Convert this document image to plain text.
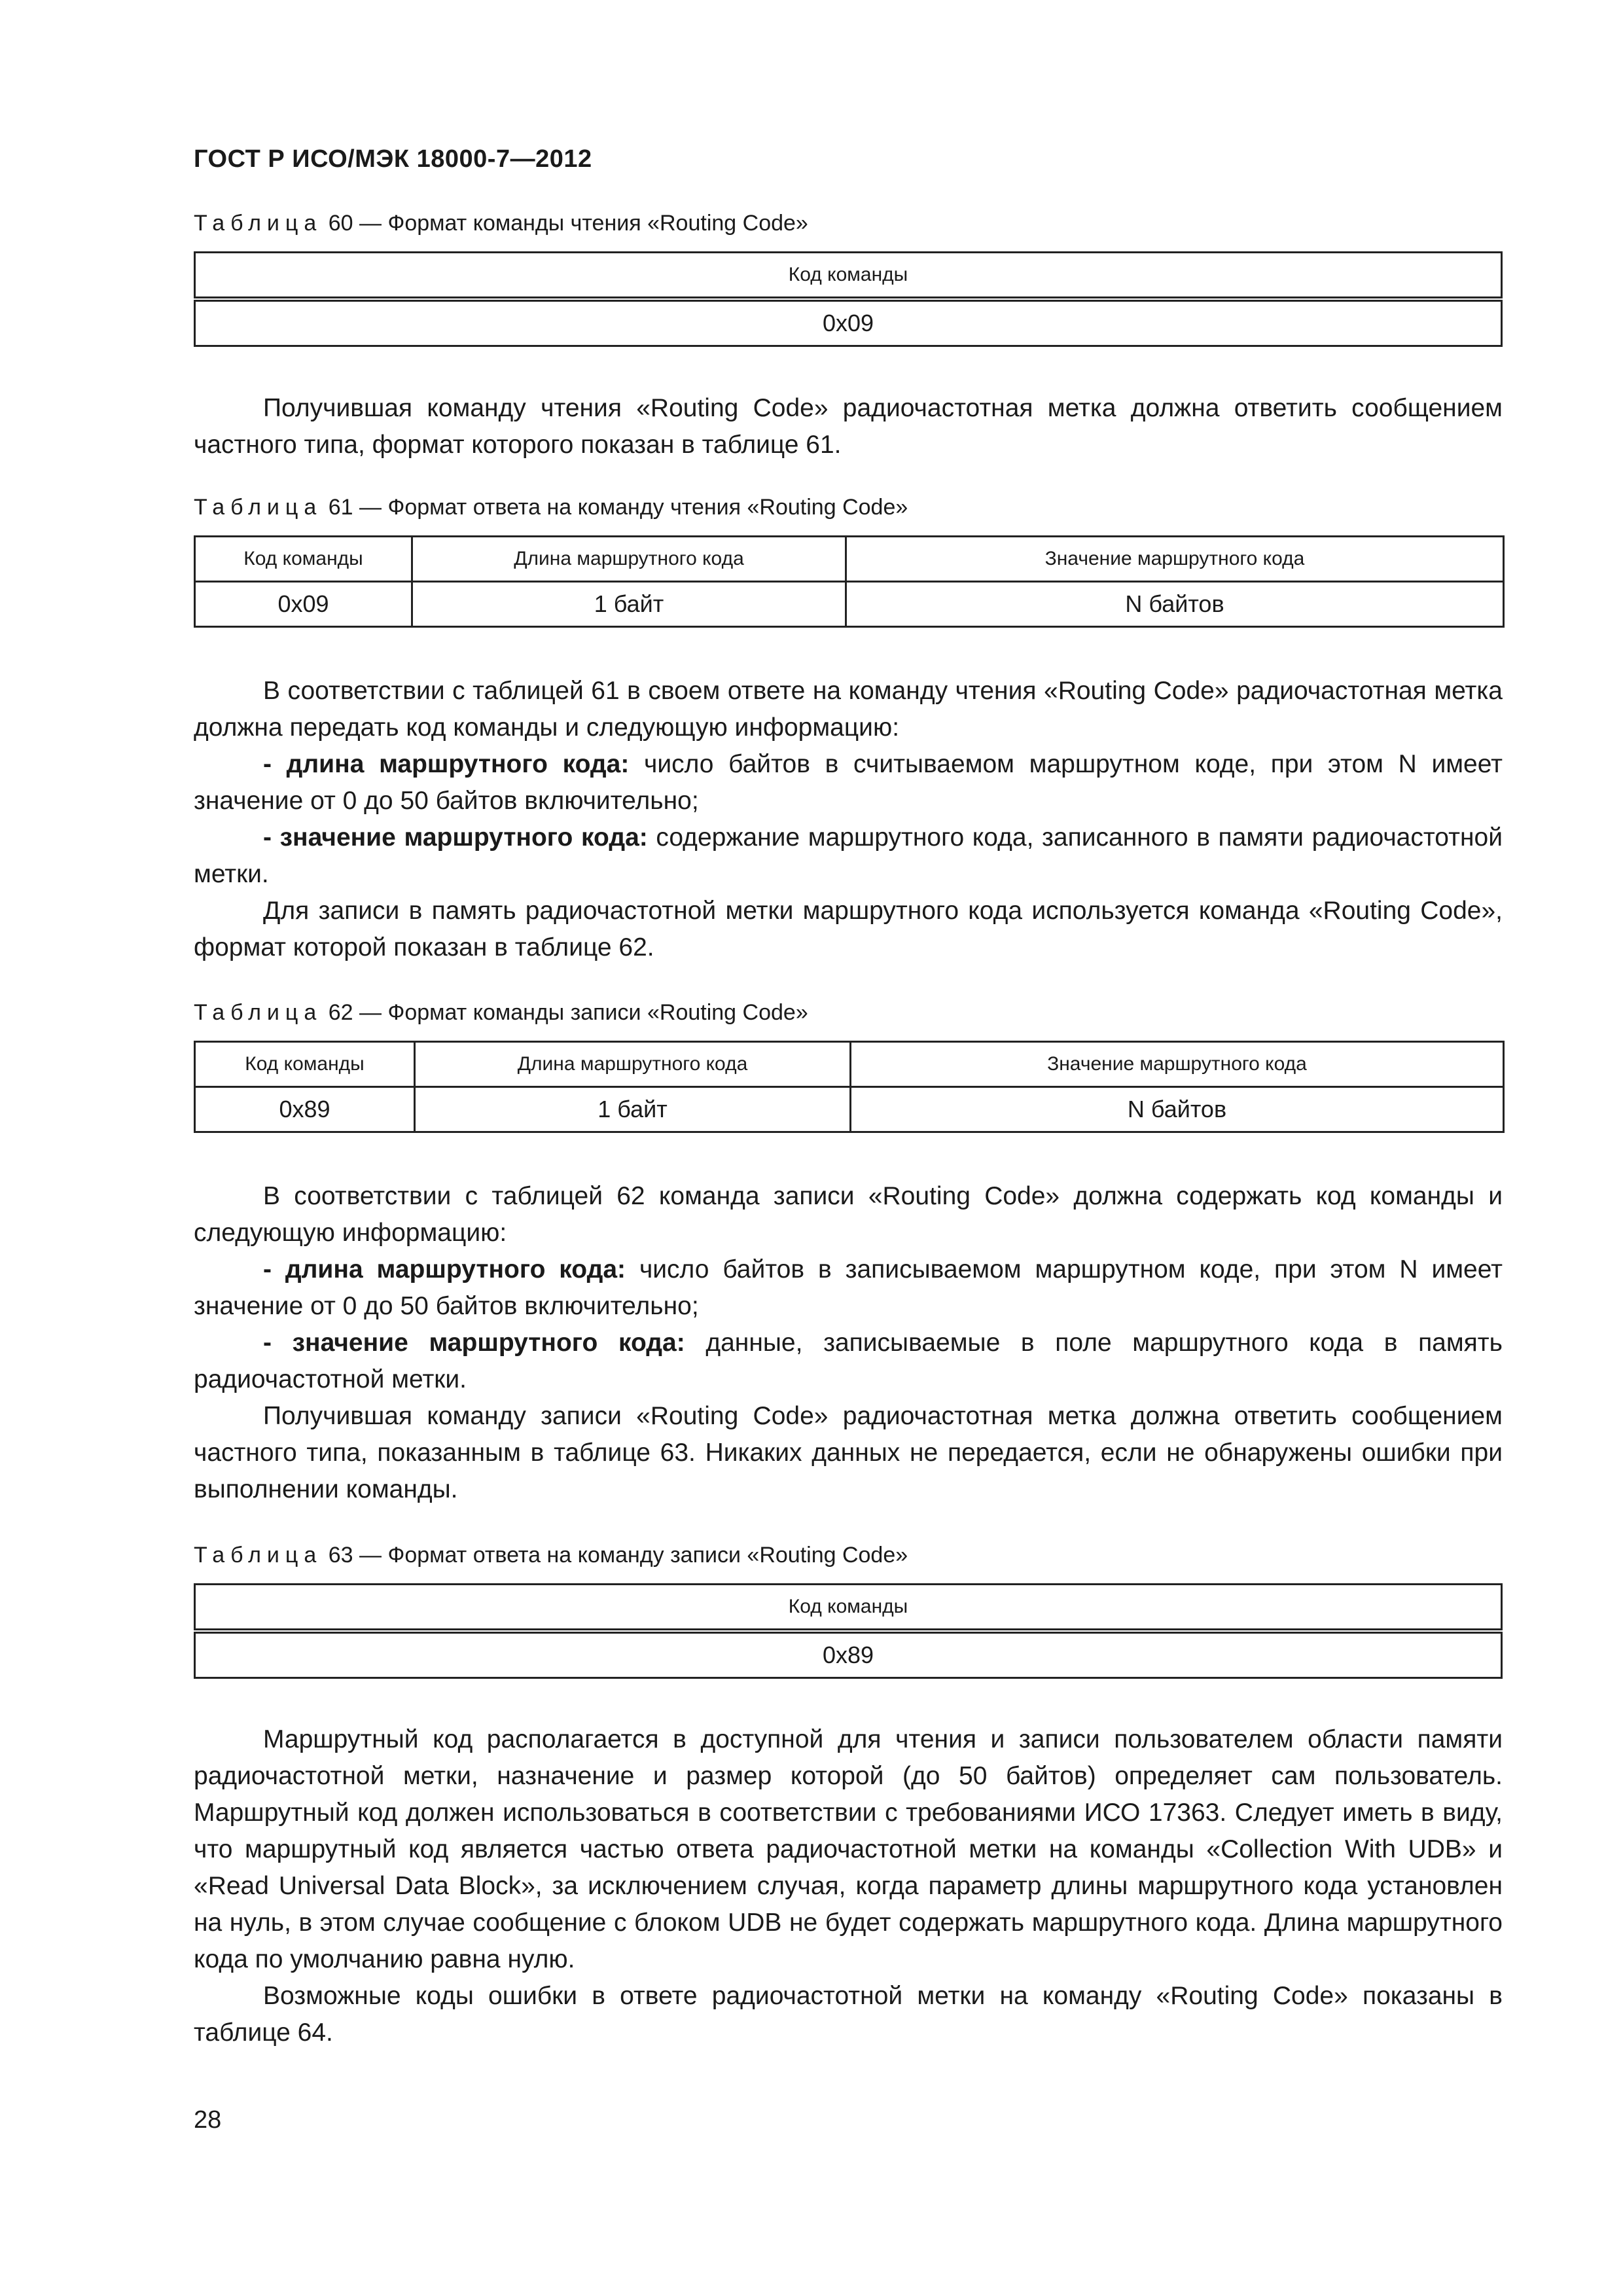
ГОСТ Р ИСО/МЭК 18000-7—2012
Таблица 60 — Формат команды чтения «Routing Code»
Код команды
0x09

Получившая команду чтения «Routing Code» радиочастотная метка должна ответить сообщением частного типа, формат которого показан в таблице 61.

Таблица 61 — Формат ответа на команду чтения «Routing Code»
Код команды	Длина маршрутного кода	Значение маршрутного кода
0x09	1 байт	N байтов

В соответствии с таблицей 61 в своем ответе на команду чтения «Routing Code» радиочастотная метка должна передать код команды и следующую информацию:

- длина маршрутного кода: число байтов в считываемом маршрутном коде, при этом N имеет значение от 0 до 50 байтов включительно;

- значение маршрутного кода: содержание маршрутного кода, записанного в памяти радиочастотной метки.

Для записи в память радиочастотной метки маршрутного кода используется команда «Routing Code», формат которой показан в таблице 62.

Таблица 62 — Формат команды записи «Routing Code»
Код команды	Длина маршрутного кода	Значение маршрутного кода
0x89	1 байт	N байтов

В соответствии с таблицей 62 команда записи «Routing Code» должна содержать код команды и следующую информацию:

- длина маршрутного кода: число байтов в записываемом маршрутном коде, при этом N имеет значение от 0 до 50 байтов включительно;

- значение маршрутного кода: данные, записываемые в поле маршрутного кода в память радиочастотной метки.

Получившая команду записи «Routing Code» радиочастотная метка должна ответить сообщением частного типа, показанным в таблице 63. Никаких данных не передается, если не обнаружены ошибки при выполнении команды.

Таблица 63 — Формат ответа на команду записи «Routing Code»
Код команды
0x89

Маршрутный код располагается в доступной для чтения и записи пользователем области памяти радиочастотной метки, назначение и размер которой (до 50 байтов) определяет сам пользователь. Маршрутный код должен использоваться в соответствии с требованиями ИСО 17363. Следует иметь в виду, что маршрутный код является частью ответа радиочастотной метки на команды «Collection With UDB» и «Read Universal Data Block», за исключением случая, когда параметр длины маршрутного кода установлен на нуль, в этом случае сообщение с блоком UDB не будет содержать маршрутного кода. Длина маршрутного кода по умолчанию равна нулю.

Возможные коды ошибки в ответе радиочастотной метки на команду «Routing Code» показаны в таблице 64.

28
